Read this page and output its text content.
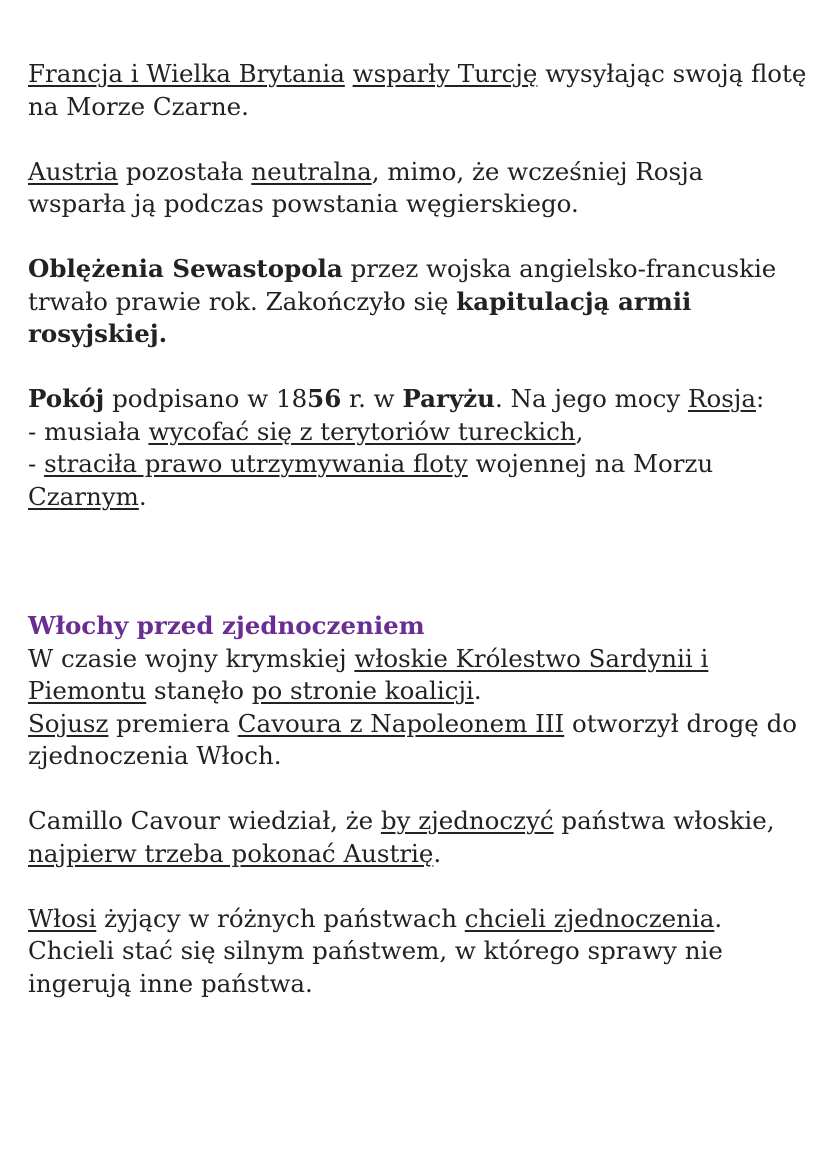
Francja i Wielka Brytania wsparły Turcję wysyłając swoją flotę na Morze Czarne.

Austria pozostała neutralna, mimo, że wcześniej Rosja wsparła ją podczas powstania węgierskiego.

Oblężenia Sewastopola przez wojska angielsko-francuskie trwało prawie rok. Zakończyło się kapitulacją armii rosyjskiej.

Pokój podpisano w 1856 r. w Paryżu. Na jego mocy Rosja:

- musiała wycofać się z terytoriów tureckich,

- straciła prawo utrzymywania floty wojennej na Morzu Czarnym.

Włochy przed zjednoczeniem

W czasie wojny krymskiej włoskie Królestwo Sardynii i Piemontu stanęło po stronie koalicji.

Sojusz premiera Cavoura z Napoleonem III otworzył drogę do zjednoczenia Włoch.

Camillo Cavour wiedział, że by zjednoczyć państwa włoskie, najpierw trzeba pokonać Austrię.

Włosi żyjący w różnych państwach chcieli zjednoczenia. Chcieli stać się silnym państwem, w którego sprawy nie ingerują inne państwa.
